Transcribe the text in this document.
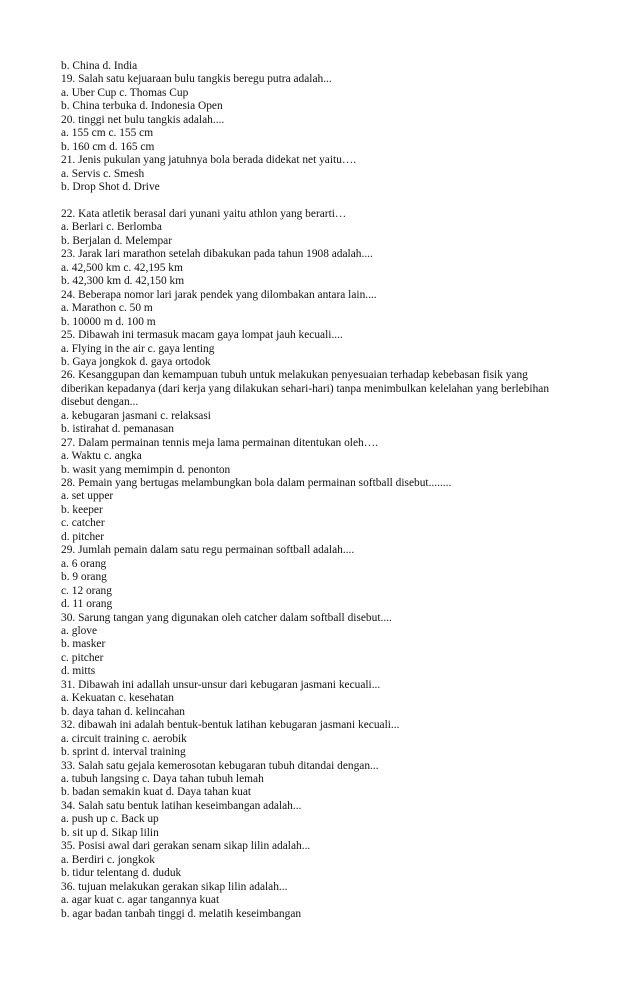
b. China d. India
19. Salah satu kejuaraan bulu tangkis beregu putra adalah...
a. Uber Cup c. Thomas Cup
b. China terbuka d. Indonesia Open
20. tinggi net bulu tangkis adalah....
a. 155 cm c. 155 cm
b. 160 cm d. 165 cm
21. Jenis pukulan yang jatuhnya bola berada didekat net yaitu….
a. Servis c. Smesh
b. Drop Shot d. Drive
22. Kata atletik berasal dari yunani yaitu athlon yang berarti…
a. Berlari c. Berlomba
b. Berjalan d. Melempar
23. Jarak lari marathon setelah dibakukan pada tahun 1908 adalah....
a. 42,500 km c. 42,195 km
b. 42,300 km d. 42,150 km
24. Beberapa nomor lari jarak pendek yang dilombakan antara lain....
a. Marathon c. 50 m
b. 10000 m d. 100 m
25. Dibawah ini termasuk macam gaya lompat jauh kecuali....
a. Flying in the air c. gaya lenting
b. Gaya jongkok d. gaya ortodok
26. Kesanggupan dan kemampuan tubuh untuk melakukan penyesuaian terhadap kebebasan fisik yang
diberikan kepadanya (dari kerja yang dilakukan sehari-hari) tanpa menimbulkan kelelahan yang berlebihan
disebut dengan...
a. kebugaran jasmani c. relaksasi
b. istirahat d. pemanasan
27. Dalam permainan tennis meja lama permainan ditentukan oleh….
a. Waktu c. angka
b. wasit yang memimpin d. penonton
28. Pemain yang bertugas melambungkan bola dalam permainan softball disebut........
a. set upper
b. keeper
c. catcher
d. pitcher
29. Jumlah pemain dalam satu regu permainan softball adalah....
a. 6 orang
b. 9 orang
c. 12 orang
d. 11 orang
30. Sarung tangan yang digunakan oleh catcher dalam softball disebut....
a. glove
b. masker
c. pitcher
d. mitts
31. Dibawah ini adallah unsur-unsur dari kebugaran jasmani kecuali...
a. Kekuatan c. kesehatan
b. daya tahan d. kelincahan
32. dibawah ini adalah bentuk-bentuk latihan kebugaran jasmani kecuali...
a. circuit training c. aerobik
b. sprint d. interval training
33. Salah satu gejala kemerosotan kebugaran tubuh ditandai dengan...
a. tubuh langsing c. Daya tahan tubuh lemah
b. badan semakin kuat d. Daya tahan kuat
34. Salah satu bentuk latihan keseimbangan adalah...
a. push up c. Back up
b. sit up d. Sikap lilin
35. Posisi awal dari gerakan senam sikap lilin adalah...
a. Berdiri c. jongkok
b. tidur telentang d. duduk
36. tujuan melakukan gerakan sikap lilin adalah...
a. agar kuat c. agar tangannya kuat
b. agar badan tanbah tinggi d. melatih keseimbangan
